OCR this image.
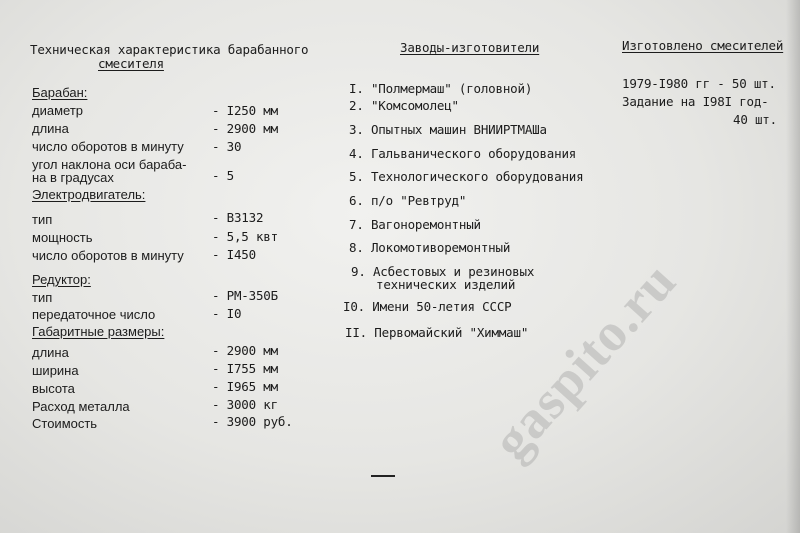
Техническая характеристика барабанного
смесителя
Барабан:
диаметр	- I250 мм
длина	- 2900 мм
число оборотов в минуту - 30
угол наклона оси бараба-
на в градусах	- 5
Электродвигатель:
тип	- В3132
мощность	- 5,5 квт
число оборотов в минуту - I450
Редуктор:
тип	- РМ-350Б
передаточное число	- I0
Габаритные размеры:
длина	- 2900 мм
ширина	- I755 мм
высота	- I965 мм
Расход металла	- 3000 кг
Стоимость	- 3900 руб.
Заводы-изготовители
I. "Полмермаш" (головной)
2. "Комсомолец"
3. Опытных машин ВНИИРТМАШа
4. Гальванического оборудования
5. Технологического оборудования
6. п/о "Ревтруд"
7. Вагоноремонтный
8. Локомотиворемонтный
9. Асбестовых и резиновых
технических изделий
I0. Имени 50-летия СССР
II. Первомайский "Химмаш"
Изготовлено смесителей
1979-I980 гг - 50 шт.
Задание на I98I год-
40 шт.
gaspito.ru
